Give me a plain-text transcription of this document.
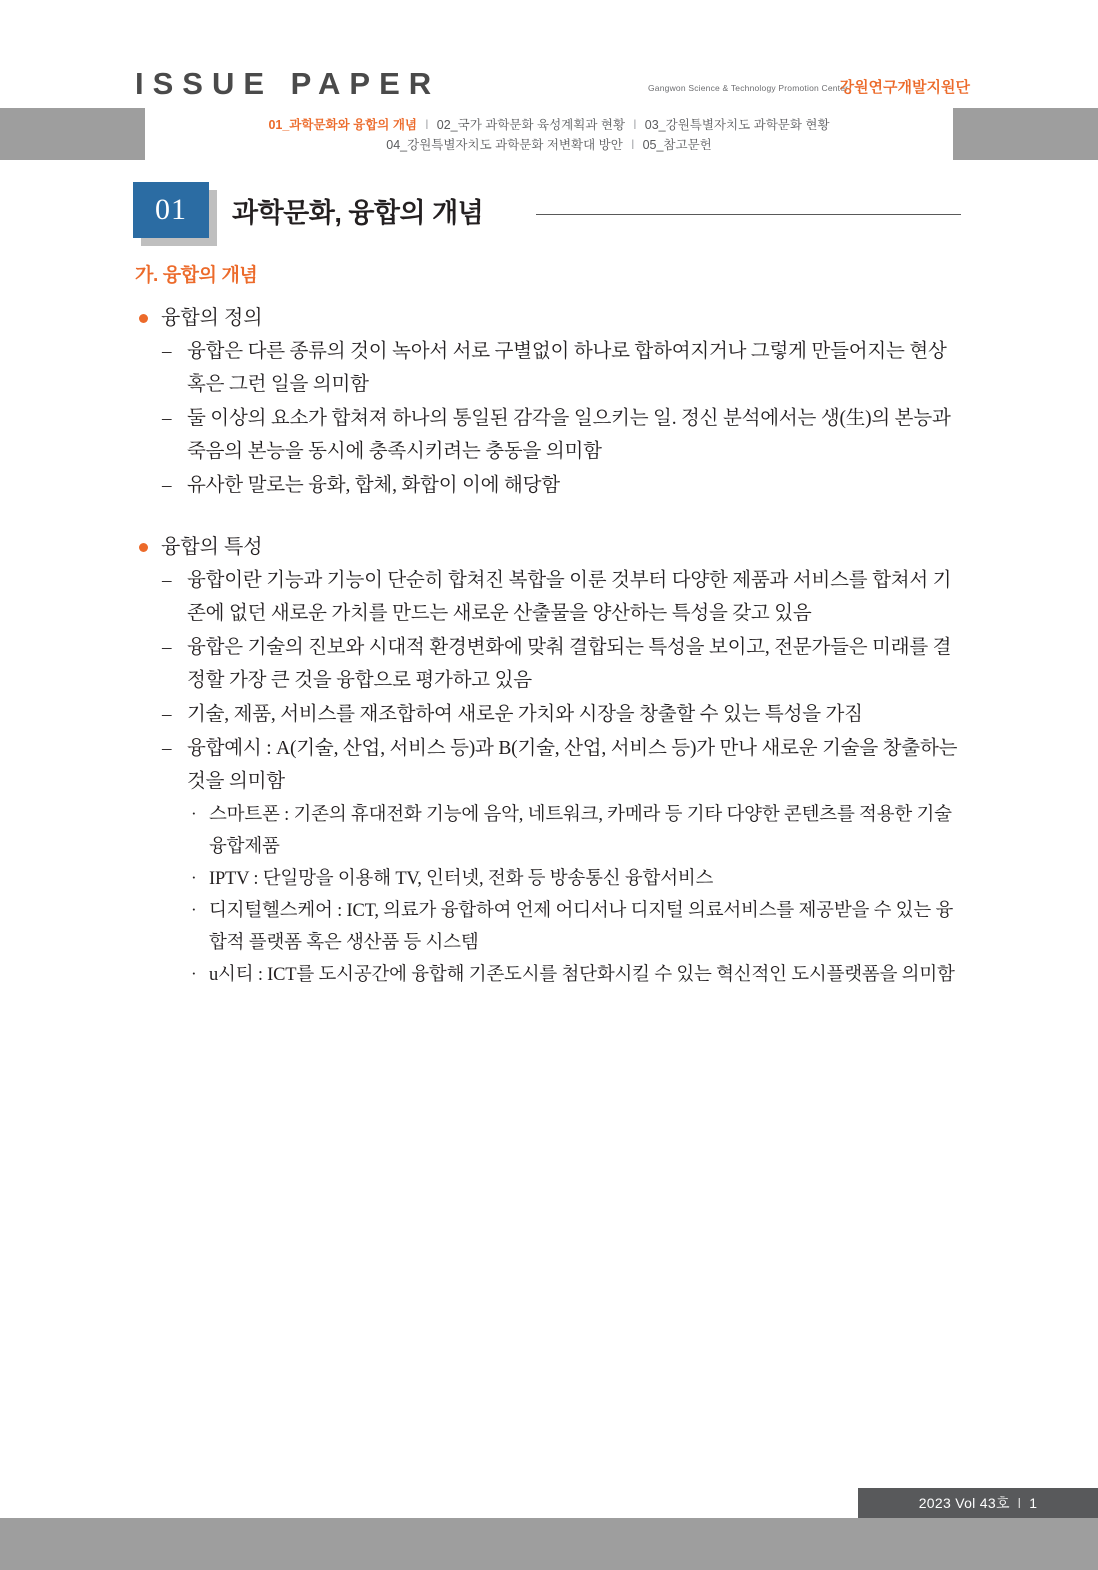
ISSUE PAPER	Gangwon Science & Technology Promotion Center
강원연구개발지원단
01_과학문화와 융합의 개념 l 02_국가 과학문화 육성계획과 현황 l 03_강원특별자치도 과학문화 현황
04_강원특별자치도 과학문화 저변확대 방안 l 05_참고문헌
01	과학문화, 융합의 개념
가. 융합의 개념
융합의 정의
– 융합은 다른 종류의 것이 녹아서 서로 구별없이 하나로 합하여지거나 그렇게 만들어지는 현상 혹은 그런 일을 의미함
– 둘 이상의 요소가 합쳐져 하나의 통일된 감각을 일으키는 일. 정신 분석에서는 생(生)의 본능과 죽음의 본능을 동시에 충족시키려는 충동을 의미함
– 유사한 말로는 융화, 합체, 화합이 이에 해당함
융합의 특성
– 융합이란 기능과 기능이 단순히 합쳐진 복합을 이룬 것부터 다양한 제품과 서비스를 합쳐서 기존에 없던 새로운 가치를 만드는 새로운 산출물을 양산하는 특성을 갖고 있음
– 융합은 기술의 진보와 시대적 환경변화에 맞춰 결합되는 특성을 보이고, 전문가들은 미래를 결정할 가장 큰 것을 융합으로 평가하고 있음
– 기술, 제품, 서비스를 재조합하여 새로운 가치와 시장을 창출할 수 있는 특성을 가짐
– 융합예시 : A(기술, 산업, 서비스 등)과 B(기술, 산업, 서비스 등)가 만나 새로운 기술을 창출하는 것을 의미함
· 스마트폰 : 기존의 휴대전화 기능에 음악, 네트워크, 카메라 등 기타 다양한 콘텐츠를 적용한 기술 융합제품
· IPTV : 단일망을 이용해 TV, 인터넷, 전화 등 방송통신 융합서비스
· 디지털헬스케어 : ICT, 의료가 융합하여 언제 어디서나 디지털 의료서비스를 제공받을 수 있는 융합적 플랫폼 혹은 생산품 등 시스템
· u시티 : ICT를 도시공간에 융합해 기존도시를 첨단화시킬 수 있는 혁신적인 도시플랫폼을 의미함
2023 Vol 43호 l 1
